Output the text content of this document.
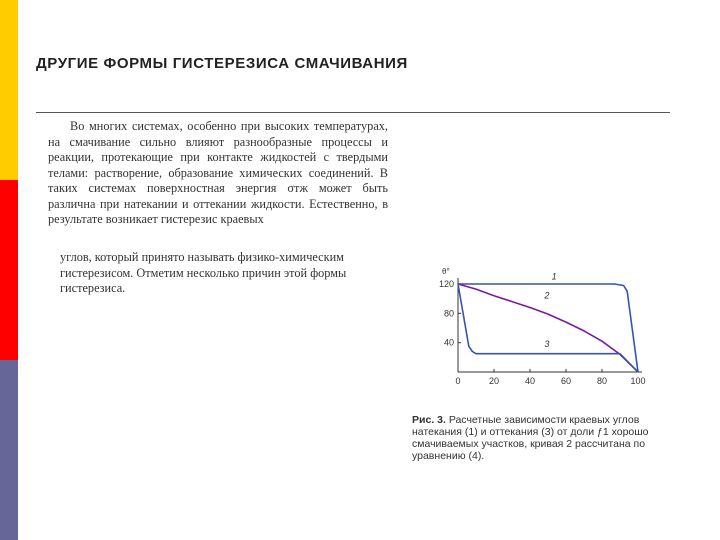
ДРУГИЕ ФОРМЫ ГИСТЕРЕЗИСА СМАЧИВАНИЯ
Во многих системах, особенно при высоких температурах, на смачивание сильно влияют разнообразные процессы и реакции, протекающие при контакте жидкостей с твердыми телами: растворение, образование химических соединений. В таких системах поверхностная энергия σтж может быть различна при натекании и оттекании жидкости. Естественно, в результате возникает гистерезис краевых
углов, который принято называть физико-химическим гистерезисом. Отметим несколько причин этой формы гистерезиса.
0	20	40	60	80	100
40
80
120
θ°
1
2
3
Рис. 3. Расчетные зависимости краевых углов натекания (1) и оттекания (3) от доли ƒ1 хорошо смачиваемых участков, кривая 2 рассчитана по уравнению (4).
